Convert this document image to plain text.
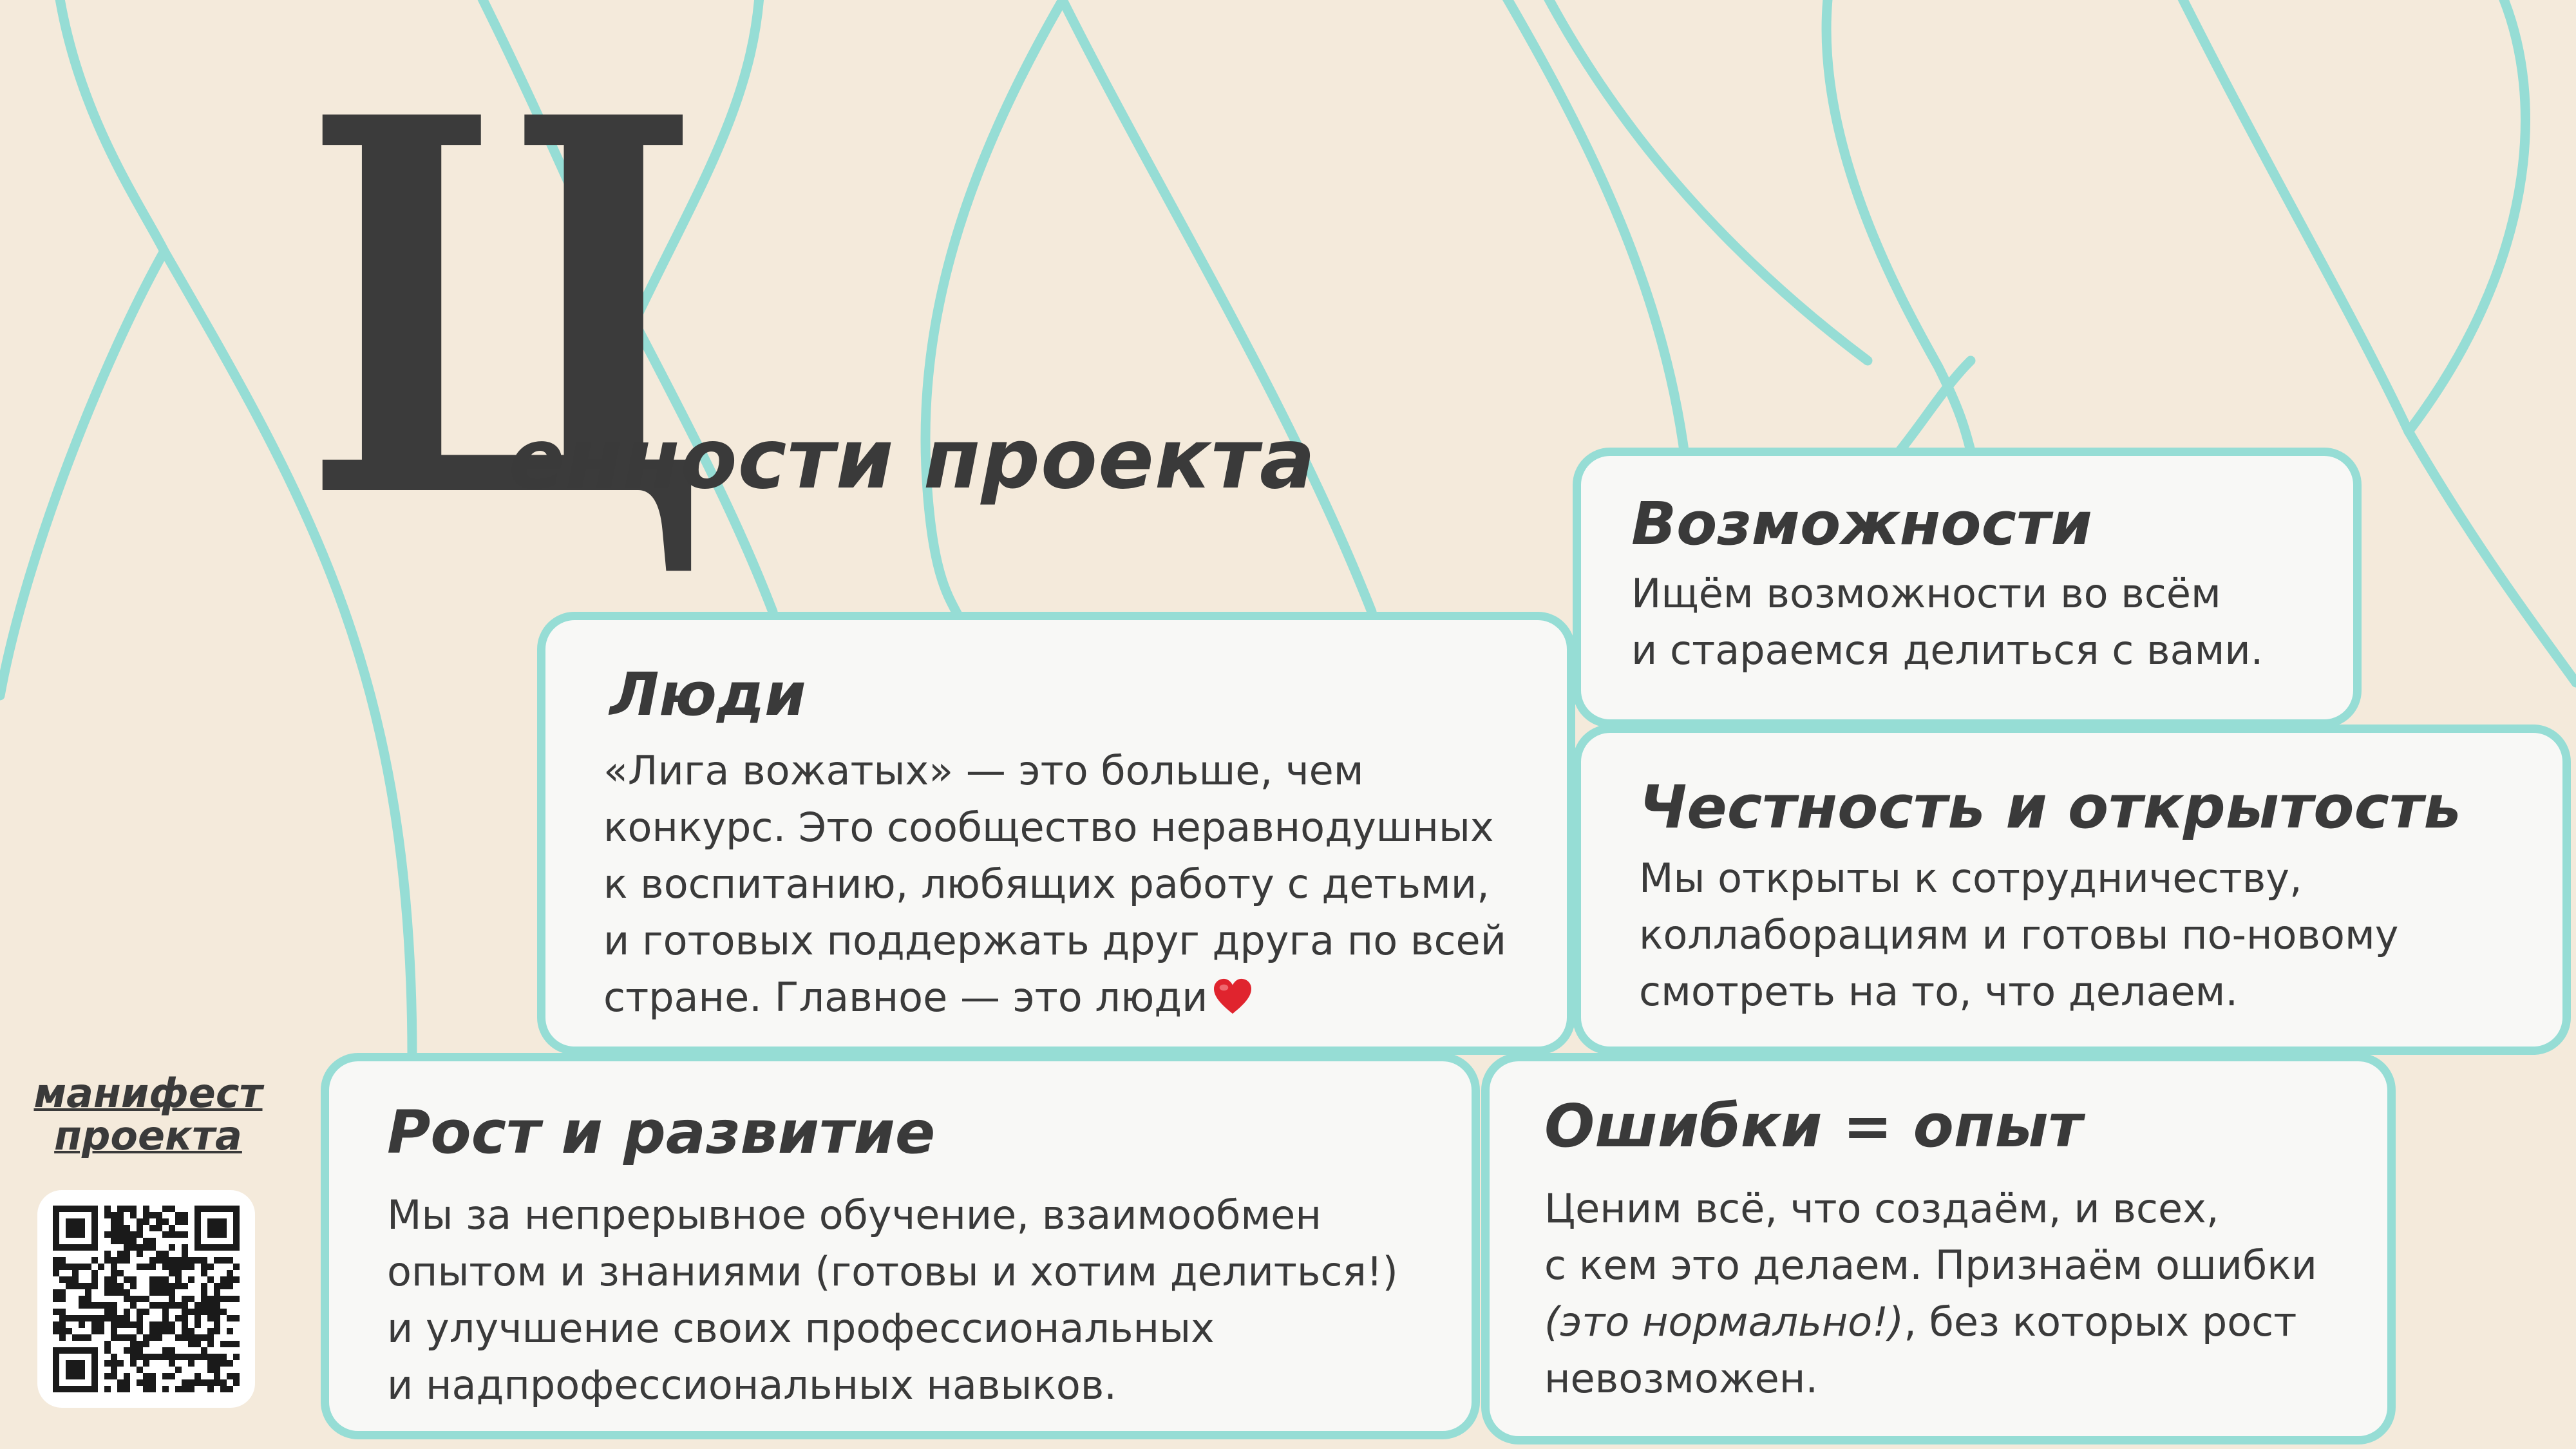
Ц
енности проекта
Возможности

Ищём возможности во всём
и стараемся делиться с вами.

Люди

«Лига вожатых» — это больше, чем
конкурс. Это сообщество неравнодушных
к воспитанию, любящих работу с детьми,
и готовых поддержать друг друга по всей
стране. Главное — это люди

Честность и открытость

Мы открыты к сотрудничеству,
коллаборациям и готовы по-новому
смотреть на то, что делаем.

Рост и развитие

Мы за непрерывное обучение, взаимообмен
опытом и знаниями (готовы и хотим делиться!)
и улучшение своих профессиональных
и надпрофессиональных навыков.

Ошибки = опыт

Ценим всё, что создаём, и всех,
с кем это делаем. Признаём ошибки
(это нормально!), без которых рост
невозможен.

манифест
проекта
